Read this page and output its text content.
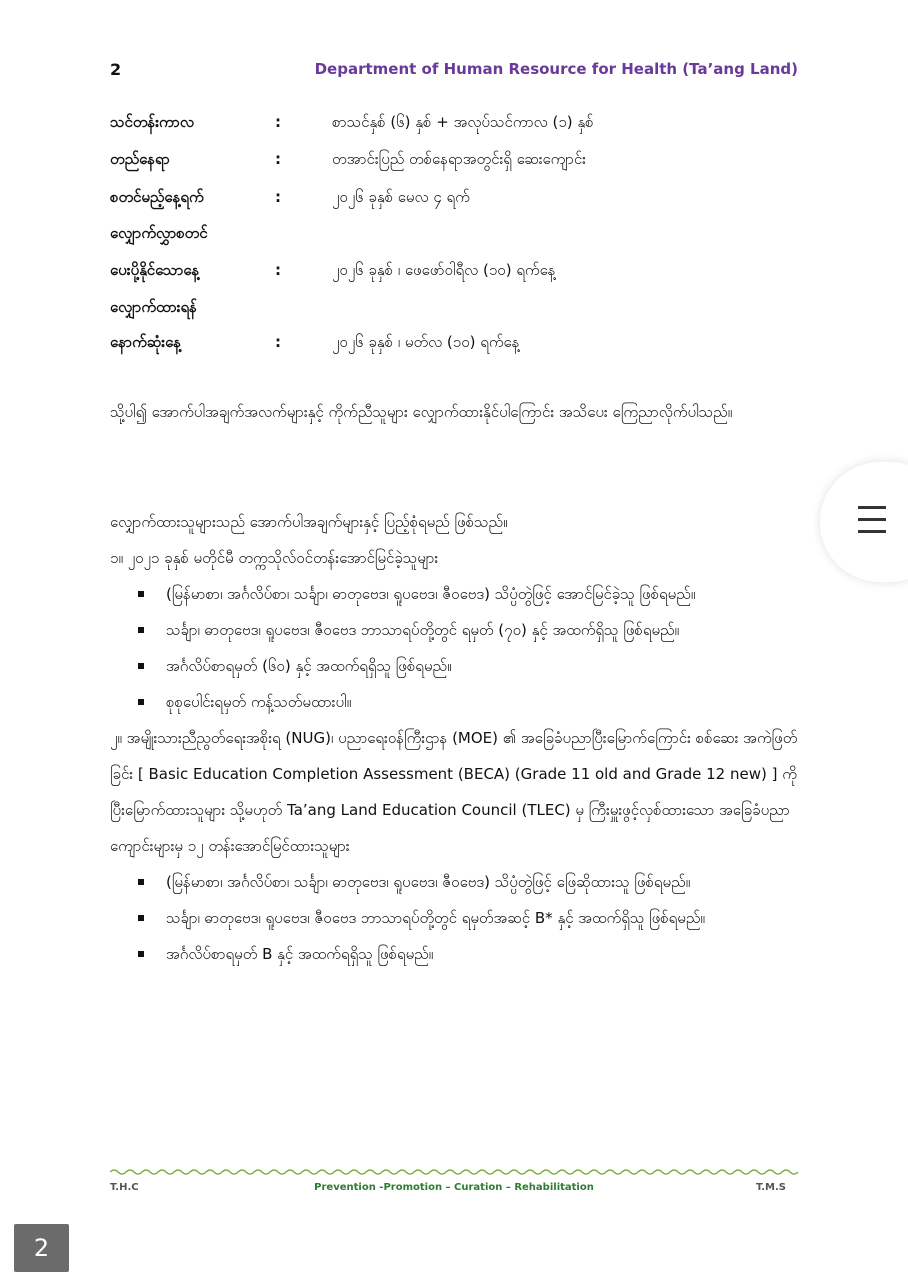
2	Department of Human Resource for Health (Ta’ang Land)
သင်တန်းကာလ	:	စာသင်နှစ် (၆) နှစ် + အလုပ်သင်ကာလ (၁) နှစ်
တည်နေရာ	:	တအာင်းပြည် တစ်နေရာအတွင်းရှိ ဆေးကျောင်း
စတင်မည့်နေ့ရက်	:	၂၀၂၆ ခုနှစ် မေလ ၄ ရက်
လျှောက်လွှာစတင်
ပေးပို့နိုင်သောနေ့	:	၂၀၂၆ ခုနှစ် ၊ ဖေဖော်ဝါရီလ (၁၀) ရက်နေ့
လျှောက်ထားရန်
နောက်ဆုံးနေ့	:	၂၀၂၆ ခုနှစ် ၊ မတ်လ (၁၀) ရက်နေ့
သို့ပါ၍ အောက်ပါအချက်အလက်များနှင့် ကိုက်ညီသူများ လျှောက်ထားနိုင်ပါကြောင်း အသိပေး ကြေညာလိုက်ပါသည်။

လျှောက်ထားသူများသည် အောက်ပါအချက်များနှင့် ပြည့်စုံရမည် ဖြစ်သည်။

၁။ ၂၀၂၁ ခုနှစ် မတိုင်မီ တက္ကသိုလ်ဝင်တန်းအောင်မြင်ခဲ့သူများ

(မြန်မာစာ၊ အင်္ဂလိပ်စာ၊ သင်္ချာ၊ ဓာတုဗေဒ၊ ရူပဗေဒ၊ ဇီဝဗေဒ) သိပ္ပံတွဲဖြင့် အောင်မြင်ခဲ့သူ ဖြစ်ရမည်။
သင်္ချာ၊ ဓာတုဗေဒ၊ ရူပဗေဒ၊ ဇီဝဗေဒ ဘာသာရပ်တို့တွင် ရမှတ် (၇၀) နှင့် အထက်ရှိသူ ဖြစ်ရမည်။
အင်္ဂလိပ်စာရမှတ် (၆၀) နှင့် အထက်ရရှိသူ ဖြစ်ရမည်။
စုစုပေါင်းရမှတ် ကန့်သတ်မထားပါ။

၂။ အမျိုးသားညီညွတ်ရေးအစိုးရ (NUG)၊ ပညာရေးဝန်ကြီးဌာန (MOE) ၏ အခြေခံပညာပြီးမြောက်ကြောင်း စစ်ဆေး အကဲဖြတ်ခြင်း [ Basic Education Completion Assessment (BECA) (Grade 11 old and Grade 12 new) ] ကို ပြီးမြောက်ထားသူများ သို့မဟုတ် Ta’ang Land Education Council (TLEC) မှ ကြီးမှူးဖွင့်လှစ်ထားသော အခြေခံပညာကျောင်းများမှ ၁၂ တန်းအောင်မြင်ထားသူများ

(မြန်မာစာ၊ အင်္ဂလိပ်စာ၊ သင်္ချာ၊ ဓာတုဗေဒ၊ ရူပဗေဒ၊ ဇီဝဗေဒ) သိပ္ပံတွဲဖြင့် ဖြေဆိုထားသူ ဖြစ်ရမည်။
သင်္ချာ၊ ဓာတုဗေဒ၊ ရူပဗေဒ၊ ဇီဝဗေဒ ဘာသာရပ်တို့တွင် ရမှတ်အဆင့် B* နှင့် အထက်ရှိသူ ဖြစ်ရမည်။
အင်္ဂလိပ်စာရမှတ် B နှင့် အထက်ရရှိသူ ဖြစ်ရမည်။
T.H.C	Prevention -Promotion – Curation – Rehabilitation	T.M.S
2
